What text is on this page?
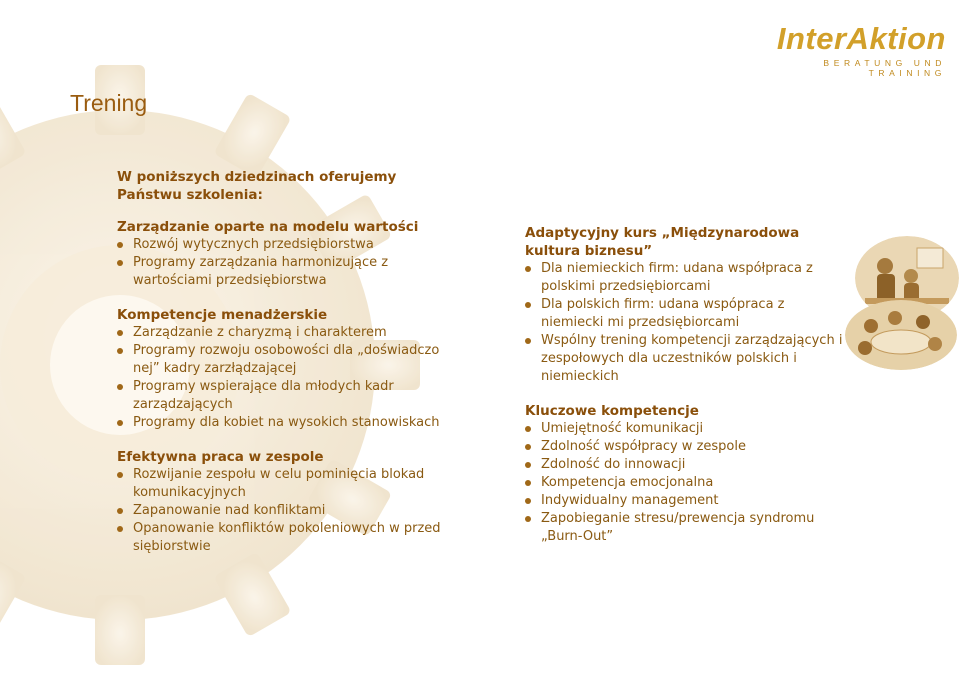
InterAktion
BERATUNG UND TRAINING
Trening
W poniższych dziedzinach oferujemy Państwu szkolenia:
Zarządzanie oparte na modelu wartości
Rozwój wytycznych przedsiębiorstwa
Programy zarządzania harmonizujące z wartościami przedsiębiorstwa
Kompetencje menadżerskie
Zarządzanie z charyzmą i charakterem
Programy rozwoju osobowości dla „doświadczo nej” kadry zarzłądzającej
Programy wspierające dla młodych kadr zarządzających
Programy dla kobiet na wysokich stanowiskach
Efektywna praca w zespole
Rozwijanie zespołu w celu pominięcia blokad komunikacyjnych
Zapanowanie nad konfliktami
Opanowanie konfliktów pokoleniowych w przed siębiorstwie
Adaptycyjny kurs „Międzynarodowa kultura biznesu”
Dla niemieckich firm: udana współpraca z polskimi przedsiębiorcami
Dla polskich firm: udana wspópraca z niemiecki mi przedsiębiorcami
Wspólny trening kompetencji zarządzających i zespołowych dla uczestników polskich i niemieckich
Kluczowe kompetencje
Umiejętność komunikacji
Zdolność współpracy w zespole
Zdolność do innowacji
Kompetencja emocjonalna
Indywidualny management
Zapobieganie stresu/prewencja syndromu „Burn-Out”
